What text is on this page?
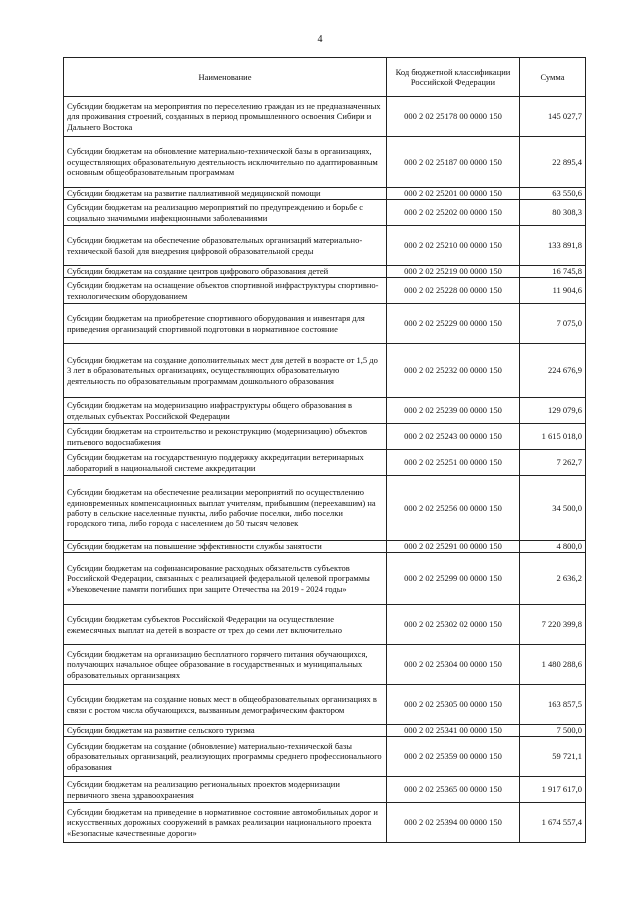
4
Наименование	Код бюджетной классификации Российской Федерации	Сумма
Субсидии бюджетам на мероприятия по переселению граждан из не предназначенных для проживания строений, созданных в период промышленного освоения Сибири и Дальнего Востока	000 2 02 25178 00 0000 150	145 027,7
Субсидии бюджетам на обновление материально-технической базы в организациях, осуществляющих образовательную деятельность исключительно по адаптированным основным общеобразовательным программам	000 2 02 25187 00 0000 150	22 895,4
Субсидии бюджетам на развитие паллиативной медицинской помощи	000 2 02 25201 00 0000 150	63 550,6
Субсидии бюджетам на реализацию мероприятий по предупреждению и борьбе с социально значимыми инфекционными заболеваниями	000 2 02 25202 00 0000 150	80 308,3
Субсидии бюджетам на обеспечение образовательных организаций материально-технической базой для внедрения цифровой образовательной среды	000 2 02 25210 00 0000 150	133 891,8
Субсидии бюджетам на создание центров цифрового образования детей	000 2 02 25219 00 0000 150	16 745,8
Субсидии бюджетам на оснащение объектов спортивной инфраструктуры спортивно-технологическим оборудованием	000 2 02 25228 00 0000 150	11 904,6
Субсидии бюджетам на приобретение спортивного оборудования и инвентаря для приведения организаций спортивной подготовки в нормативное состояние	000 2 02 25229 00 0000 150	7 075,0
Субсидии бюджетам на создание дополнительных мест для детей в возрасте от 1,5 до 3 лет в образовательных организациях, осуществляющих образовательную деятельность по образовательным программам дошкольного образования	000 2 02 25232 00 0000 150	224 676,9
Субсидии бюджетам на модернизацию инфраструктуры общего образования в отдельных субъектах Российской Федерации	000 2 02 25239 00 0000 150	129 079,6
Субсидии бюджетам на строительство и реконструкцию (модернизацию) объектов питьевого водоснабжения	000 2 02 25243 00 0000 150	1 615 018,0
Субсидии бюджетам на государственную поддержку аккредитации ветеринарных лабораторий в национальной системе аккредитации	000 2 02 25251 00 0000 150	7 262,7
Субсидии бюджетам на обеспечение реализации мероприятий по осуществлению единовременных компенсационных выплат учителям, прибывшим (переехавшим) на работу в сельские населенные пункты, либо рабочие поселки, либо поселки городского типа, либо города с населением до 50 тысяч человек	000 2 02 25256 00 0000 150	34 500,0
Субсидии бюджетам на повышение эффективности службы занятости	000 2 02 25291 00 0000 150	4 800,0
Субсидии бюджетам на софинансирование расходных обязательств субъектов Российской Федерации, связанных с реализацией федеральной целевой программы «Увековечение памяти погибших при защите Отечества на 2019 - 2024 годы»	000 2 02 25299 00 0000 150	2 636,2
Субсидии бюджетам субъектов Российской Федерации на осуществление ежемесячных выплат на детей в возрасте от трех до семи лет включительно	000 2 02 25302 02 0000 150	7 220 399,8
Субсидии бюджетам на организацию бесплатного горячего питания обучающихся, получающих начальное общее образование в государственных и муниципальных образовательных организациях	000 2 02 25304 00 0000 150	1 480 288,6
Субсидии бюджетам на создание новых мест в общеобразовательных организациях в связи с ростом числа обучающихся, вызванным демографическим фактором	000 2 02 25305 00 0000 150	163 857,5
Субсидии бюджетам на развитие сельского туризма	000 2 02 25341 00 0000 150	7 500,0
Субсидии бюджетам на создание (обновление) материально-технической базы образовательных организаций, реализующих программы среднего профессионального образования	000 2 02 25359 00 0000 150	59 721,1
Субсидии бюджетам на реализацию региональных проектов модернизации первичного звена здравоохранения	000 2 02 25365 00 0000 150	1 917 617,0
Субсидии бюджетам на приведение в нормативное состояние автомобильных дорог и искусственных дорожных сооружений в рамках реализации национального проекта «Безопасные качественные дороги»	000 2 02 25394 00 0000 150	1 674 557,4
